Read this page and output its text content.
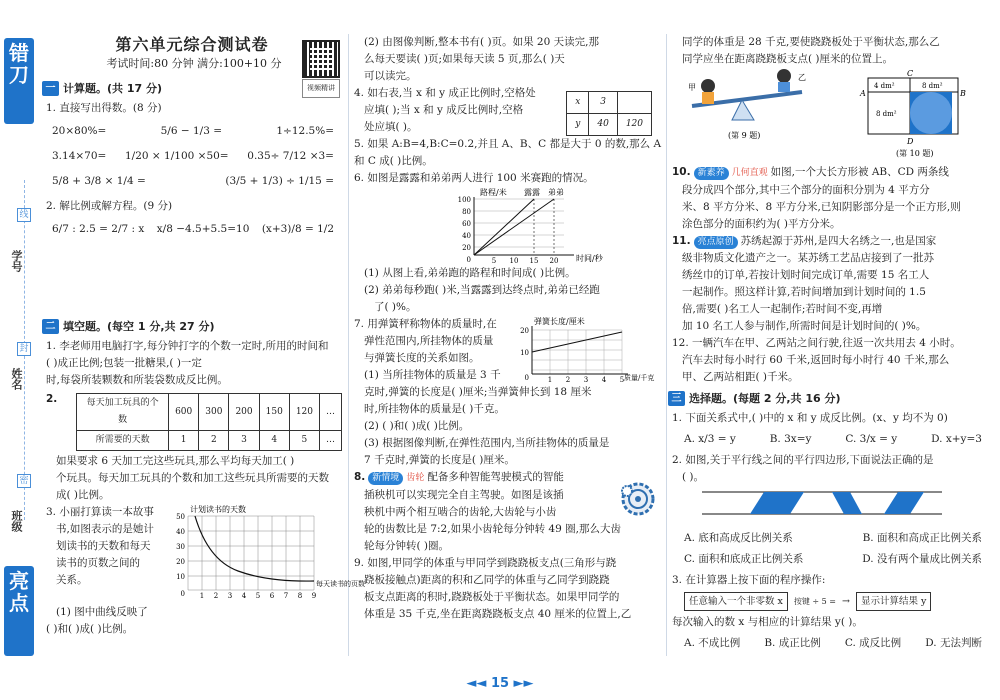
错 刀
线
封
密
学号
姓名
班级
亮 点
视频精讲
第六单元综合测试卷
考试时间:80 分钟 满分:100+10 分
一 计算题。(共 17 分)
1. 直接写出得数。(8 分)
20×80%=	5/6 − 1/3 =	1÷12.5%=
3.14×70= 1/20 × 1/100 ×50= 0.35÷ 7/12 ×3=
5/8 + 3/8 × 1/4 =	(3/5 + 1/3) ÷ 1/15 =
2. 解比例或解方程。(9 分)
6/7 : 2.5 = 2/7 : x x/8 −4.5+5.5=10 (x+3)/8 = 1/2
二 填空题。(每空 1 分,共 27 分)
1. 李老师用电脑打字,每分钟打字的个数一定时,所用的时间和
( )成正比例;包装一批糖果,( )一定
时,每袋所装颗数和所装袋数成反比例。
2.	每天加工玩具的个数	600	300	200	150	120	…
所需要的天数	1	2	3	4	5	…
如果要求 6 天加工完这些玩具,那么平均每天加工( )
个玩具。每天加工玩具的个数和加工这些玩具所需要的天数
成( )比例。
3. 小丽打算读一本故事
书,如图表示的是她计
划读书的天数和每天
读书的页数之间的
关系。
计划读书的天数
50
40
30
20
10
0 1 2 3 4 5 6 7 8 9
每天读书的页数
(1) 图中曲线反映了
( )和( )成( )比例。
(2) 由图像判断,整本书有( )页。如果 20 天读完,那
么每天要读( )页;如果每天读 5 页,那么( )天
可以读完。
4. 如右表,当 x 和 y 成正比例时,空格处
应填( );当 x 和 y 成反比例时,空格
处应填( )。
x	3	
y	40	120
5. 如果 A:B=4,B:C=0.2,并且 A、B、C 都是大于 0 的数,那么 A 和 C 成( )比例。
6. 如图是露露和弟弟两人进行 100 米赛跑的情况。
路程/米 露露 弟弟
100
80
60
40
20
0	5 10 15 20 时间/秒
(1) 从图上看,弟弟跑的路程和时间成( )比例。
(2) 弟弟每秒跑( )米,当露露到达终点时,弟弟已经跑
了( )%。
7. 用弹簧秤称物体的质量时,在
弹性范围内,所挂物体的质量
与弹簧长度的关系如图。
(1) 当所挂物体的质量是 3 千
弹簧长度/厘米
20
10
0	1 2 3 4 5 质量/千克
克时,弹簧的长度是( )厘米;当弹簧伸长到 18 厘米
时,所挂物体的质量是( )千克。
(2) ( )和( )成( )比例。
(3) 根据图像判断,在弹性范围内,当所挂物体的质量是
7 千克时,弹簧的长度是( )厘米。
8. 新情境 齿轮 配备多种智能驾驶模式的智能
插秧机可以实现完全自主驾驶。如图是该插
秧机中两个相互啮合的齿轮,大齿轮与小齿
轮的齿数比是 7:2,如果小齿轮每分钟转 49 圈,那么大齿
轮每分钟转( )圈。
9. 如图,甲同学的体重与甲同学到跷跷板支点(三角形与跷
跷板接触点)距离的积和乙同学的体重与乙同学到跷跷
板支点距离的积时,跷跷板处于平衡状态。如果甲同学的
体重是 35 千克,坐在距离跷跷板支点 40 厘米的位置上,乙
同学的体重是 28 千克,要使跷跷板处于平衡状态,那么乙
同学应坐在距离跷跷板支点( )厘米的位置上。
甲
乙
(第 9 题)
A	B
C
D
4 dm²	8 dm²
8 dm²
(第 10 题)
10. 新素养 几何直观 如图,一个大长方形被 AB、CD 两条线
段分成四个部分,其中三个部分的面积分别为 4 平方分
米、8 平方分米、8 平方分米,已知阴影部分是一个正方形,则
涂色部分的面积约为( )平方分米。
11. 亮点原创 苏绣起源于苏州,是四大名绣之一,也是国家
级非物质文化遗产之一。某苏绣工艺品店接到了一批苏
绣丝巾的订单,若按计划时间完成订单,需要 15 名工人
一起制作。照这样计算,若时间增加到计划时间的 1.5
倍,需要( )名工人一起制作;若时间不变,再增
加 10 名工人参与制作,所需时间是计划时间的( )%。
12. 一辆汽车在甲、乙两站之间行驶,往返一次共用去 4 小时。
汽车去时每小时行 60 千米,返回时每小时行 40 千米,那么
甲、乙两站相距( )千米。
三 选择题。(每题 2 分,共 16 分)
1. 下面关系式中,( )中的 x 和 y 成反比例。(x、y 均不为 0)
A. x/3 = y	B. 3x=y	C. 3/x = y	D. x+y=3
2. 如图,关于平行线之间的平行四边形,下面说法正确的是
( )。
A. 底和高成反比例关系	B. 面积和高成正比例关系
C. 面积和底成正比例关系	D. 没有两个量成比例关系
3. 在计算器上按下面的程序操作:
任意输入一个非零数 x	按键 ÷ 5 = →	显示计算结果 y
每次输入的数 x 与相应的计算结果 y( )。
A. 不成比例 B. 成正比例 C. 成反比例 D. 无法判断
◄◄ 15 ►►
